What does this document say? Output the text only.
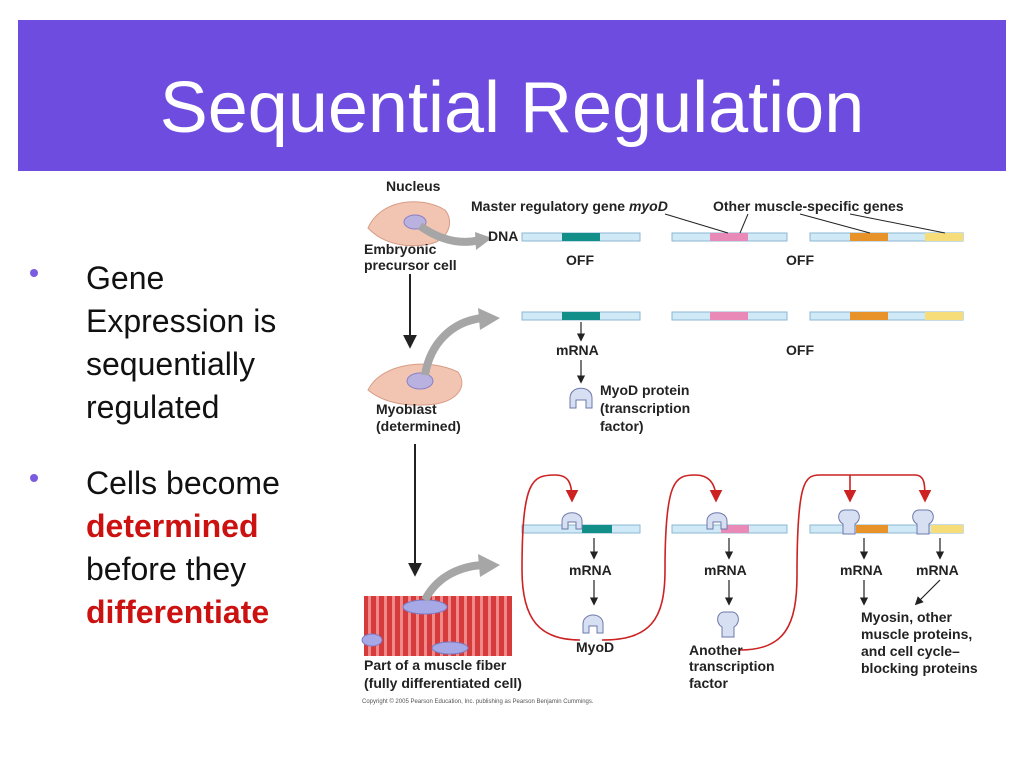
Sequential Regulation
Gene
Expression is
sequentially
regulated
Cells become
determined
before they
differentiate
Nucleus
Embryonic
precursor cell
Master regulatory gene myoD	Other muscle-specific genes
DNA
OFF	OFF
mRNA	OFF
MyoD protein
(transcription
factor)
Myoblast
(determined)
mRNA	mRNA	mRNA mRNA
MyoD	Another
transcription
factor
Myosin, other
muscle proteins,
and cell cycle–
blocking proteins
Part of a muscle fiber
(fully differentiated cell)
Copyright © 2005 Pearson Education, Inc. publishing as Pearson Benjamin Cummings.
